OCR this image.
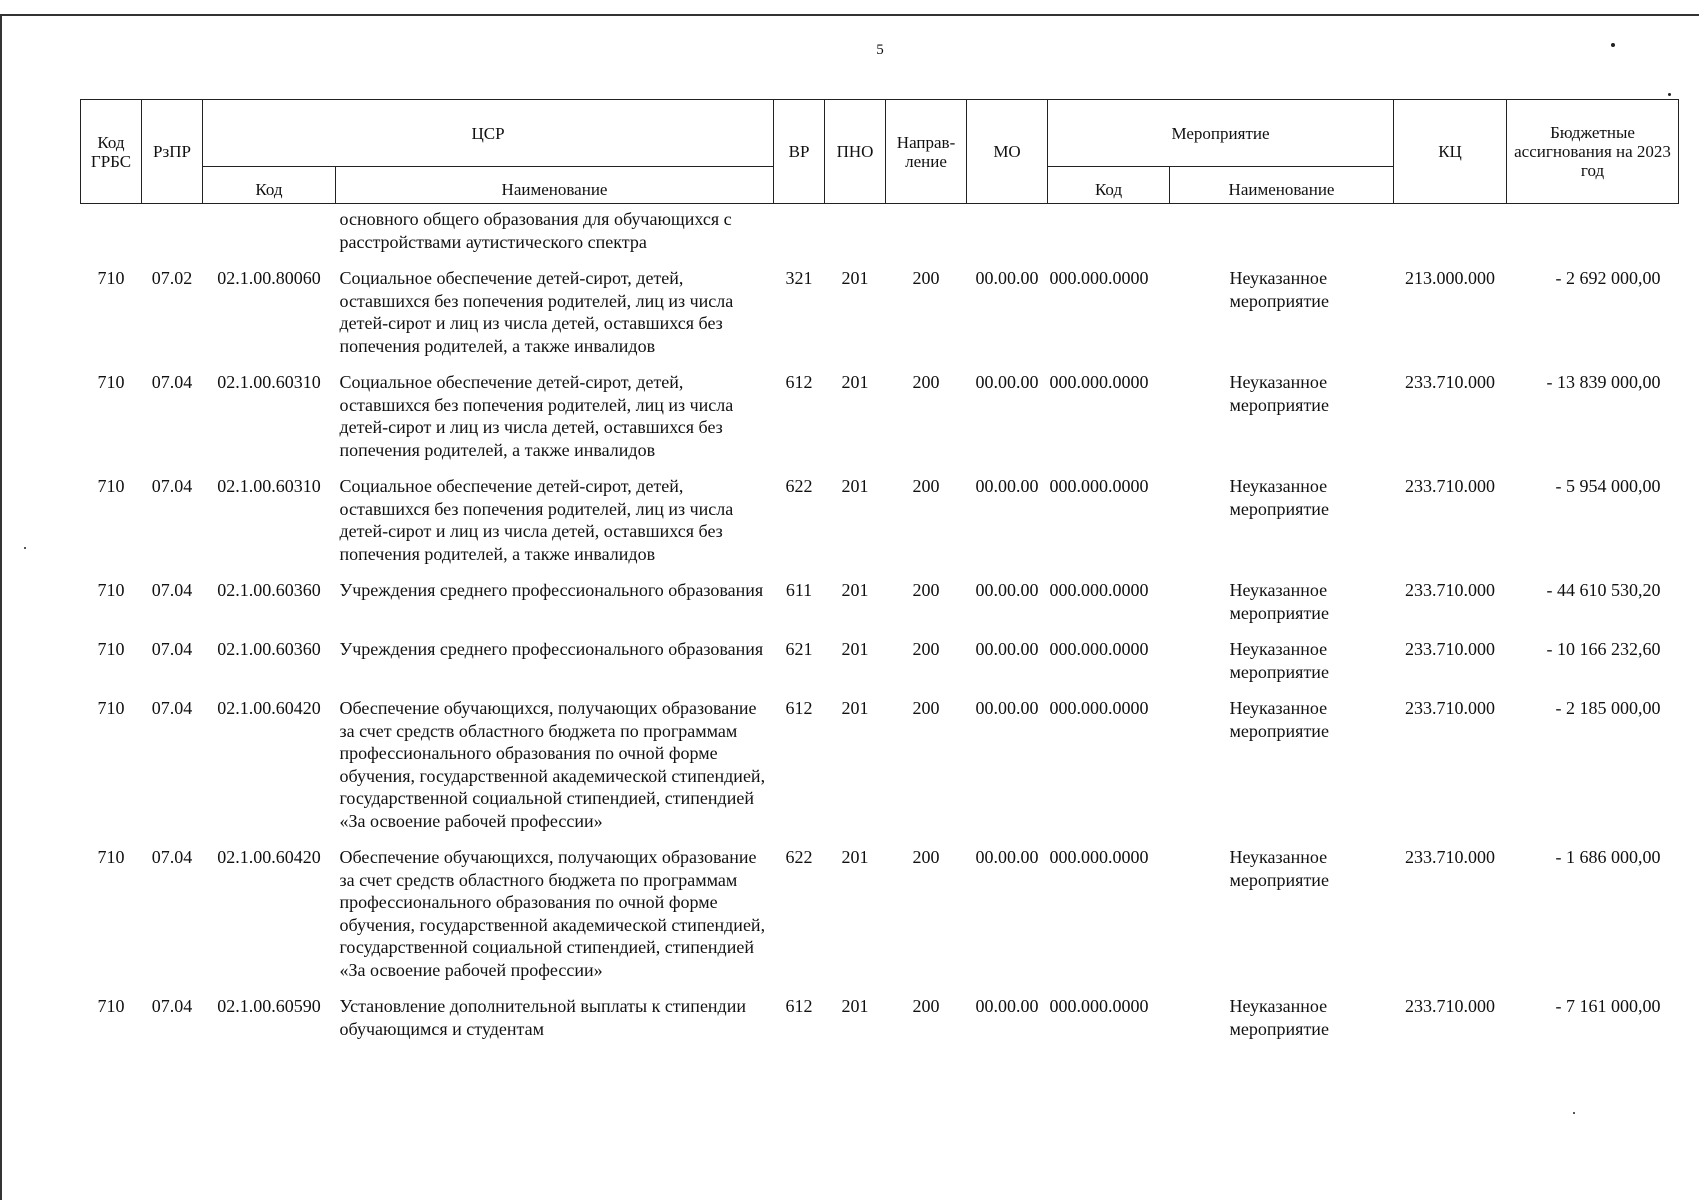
5
Код ГРБС	РзПР	ЦСР		ВР	ПНО	Направ-ление	МО	Мероприятие		КЦ	Бюджетные ассигнования на 2023 год
		Код	Наименование					Код	Наименование		
			основного общего образования для обучающихся с расстройствами аутистического спектра								
710	07.02	02.1.00.80060	Социальное обеспечение детей-сирот, детей, оставшихся без попечения родителей, лиц из числа детей-сирот и лиц из числа детей, оставшихся без попечения родителей, а также инвалидов	321	201	200	00.00.00	000.000.0000	Неуказанное мероприятие	213.000.000	- 2 692 000,00
710	07.04	02.1.00.60310	Социальное обеспечение детей-сирот, детей, оставшихся без попечения родителей, лиц из числа детей-сирот и лиц из числа детей, оставшихся без попечения родителей, а также инвалидов	612	201	200	00.00.00	000.000.0000	Неуказанное мероприятие	233.710.000	- 13 839 000,00
710	07.04	02.1.00.60310	Социальное обеспечение детей-сирот, детей, оставшихся без попечения родителей, лиц из числа детей-сирот и лиц из числа детей, оставшихся без попечения родителей, а также инвалидов	622	201	200	00.00.00	000.000.0000	Неуказанное мероприятие	233.710.000	- 5 954 000,00
710	07.04	02.1.00.60360	Учреждения среднего профессионального образования	611	201	200	00.00.00	000.000.0000	Неуказанное мероприятие	233.710.000	- 44 610 530,20
710	07.04	02.1.00.60360	Учреждения среднего профессионального образования	621	201	200	00.00.00	000.000.0000	Неуказанное мероприятие	233.710.000	- 10 166 232,60
710	07.04	02.1.00.60420	Обеспечение обучающихся, получающих образование за счет средств областного бюджета по программам профессионального образования по очной форме обучения, государственной академической стипендией, государственной социальной стипендией, стипендией «За освоение рабочей профессии»	612	201	200	00.00.00	000.000.0000	Неуказанное мероприятие	233.710.000	- 2 185 000,00
710	07.04	02.1.00.60420	Обеспечение обучающихся, получающих образование за счет средств областного бюджета по программам профессионального образования по очной форме обучения, государственной академической стипендией, государственной социальной стипендией, стипендией «За освоение рабочей профессии»	622	201	200	00.00.00	000.000.0000	Неуказанное мероприятие	233.710.000	- 1 686 000,00
710	07.04	02.1.00.60590	Установление дополнительной выплаты к стипендии обучающимся и студентам	612	201	200	00.00.00	000.000.0000	Неуказанное мероприятие	233.710.000	- 7 161 000,00
